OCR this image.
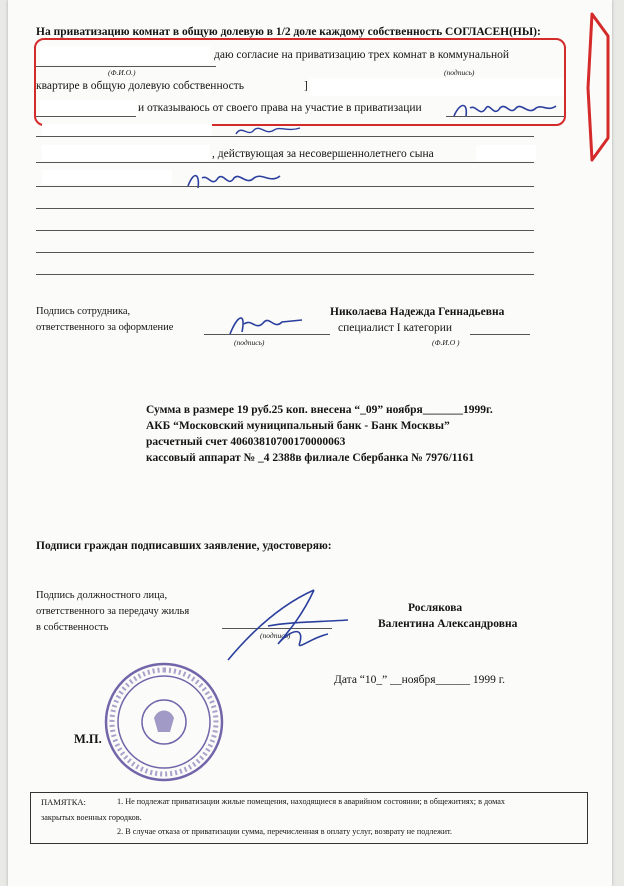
На приватизацию комнат в общую долевую в 1/2 доле каждому собственность СОГЛАСЕН(НЫ):
даю согласие на приватизацию трех комнат в коммунальной
(Ф.И.О.)	(подпись)
квартире в общую долевую собственность	]
и отказываюсь от своего права на участие в приватизации
, действующая за несовершеннолетнего сына
Подпись сотрудника,
ответственного за оформление
Николаева Надежда Геннадьевна
специалист I категории
(подпись)	(Ф.И.О )
Сумма в размере 19 руб.25 коп. внесена “_09” ноября_______1999г.
АКБ “Московский муниципальный банк - Банк Москвы”
расчетный счет 40603810700170000063
кассовый аппарат № _4 2388в филиале Сбербанка № 7976/1161
Подписи граждан подписавших заявление, удостоверяю:
Подпись должностного лица,
ответственного за передачу жилья
в собственность
(подпись)
Рослякова
Валентина Александровна
Дата “10_” __ноября______ 1999 г.
М.П.
ПАМЯТКА:	1. Не подлежат приватизации жилые помещения, находящиеся в аварийном состоянии; в общежитиях; в домах
закрытых военных городков.
2. В случае отказа от приватизации сумма, перечисленная в оплату услуг, возврату не подлежит.
